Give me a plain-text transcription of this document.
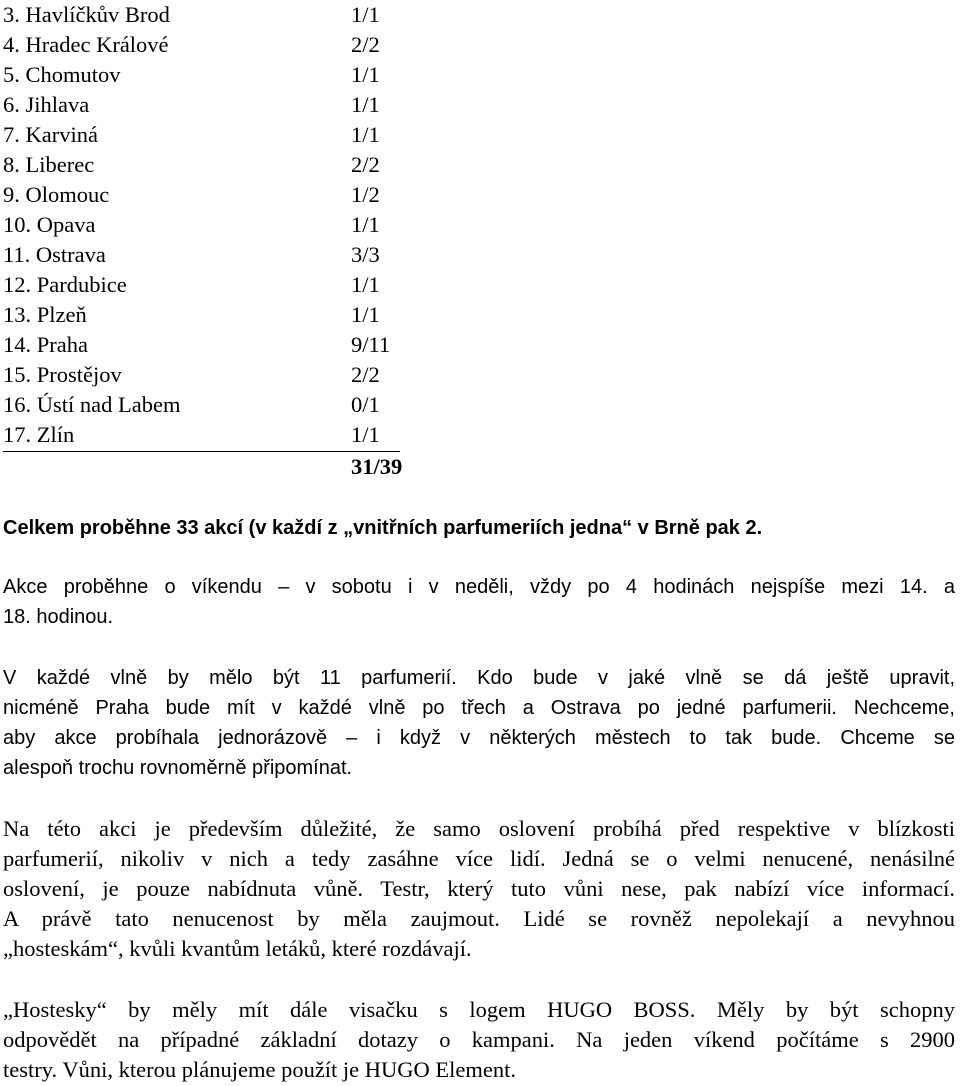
3. Havlíčkův Brod	1/1
4. Hradec Králové	2/2
5. Chomutov	1/1
6. Jihlava	1/1
7. Karviná	1/1
8. Liberec	2/2
9. Olomouc	1/2
10. Opava	1/1
11. Ostrava	3/3
12. Pardubice	1/1
13. Plzeň	1/1
14. Praha	9/11
15. Prostějov	2/2
16. Ústí nad Labem	0/1
17. Zlín	1/1
31/39

Celkem proběhne 33 akcí (v každí z „vnitřních parfumeriích jedna“ v Brně pak 2.

Akce proběhne o víkendu – v sobotu i v neděli, vždy po 4 hodinách nejspíše mezi 14. a
18. hodinou.

V každé vlně by mělo být 11 parfumerií. Kdo bude v jaké vlně se dá ještě upravit,
nicméně Praha bude mít v každé vlně po třech a Ostrava po jedné parfumerii. Nechceme,
aby akce probíhala jednorázově – i když v některých městech to tak bude. Chceme se
alespoň trochu rovnoměrně připomínat.

Na této akci je především důležité, že samo oslovení probíhá před respektive v blízkosti
parfumerií, nikoliv v nich a tedy zasáhne více lidí. Jedná se o velmi nenucené, nenásilné
oslovení, je pouze nabídnuta vůně. Testr, který tuto vůni nese, pak nabízí více informací.
A právě tato nenucenost by měla zaujmout. Lidé se rovněž nepolekají a nevyhnou
„hosteskám“, kvůli kvantům letáků, které rozdávají.

„Hostesky“ by měly mít dále visačku s logem HUGO BOSS. Měly by být schopny
odpovědět na případné základní dotazy o kampani. Na jeden víkend počítáme s 2900
testry. Vůni, kterou plánujeme použít je HUGO Element.
